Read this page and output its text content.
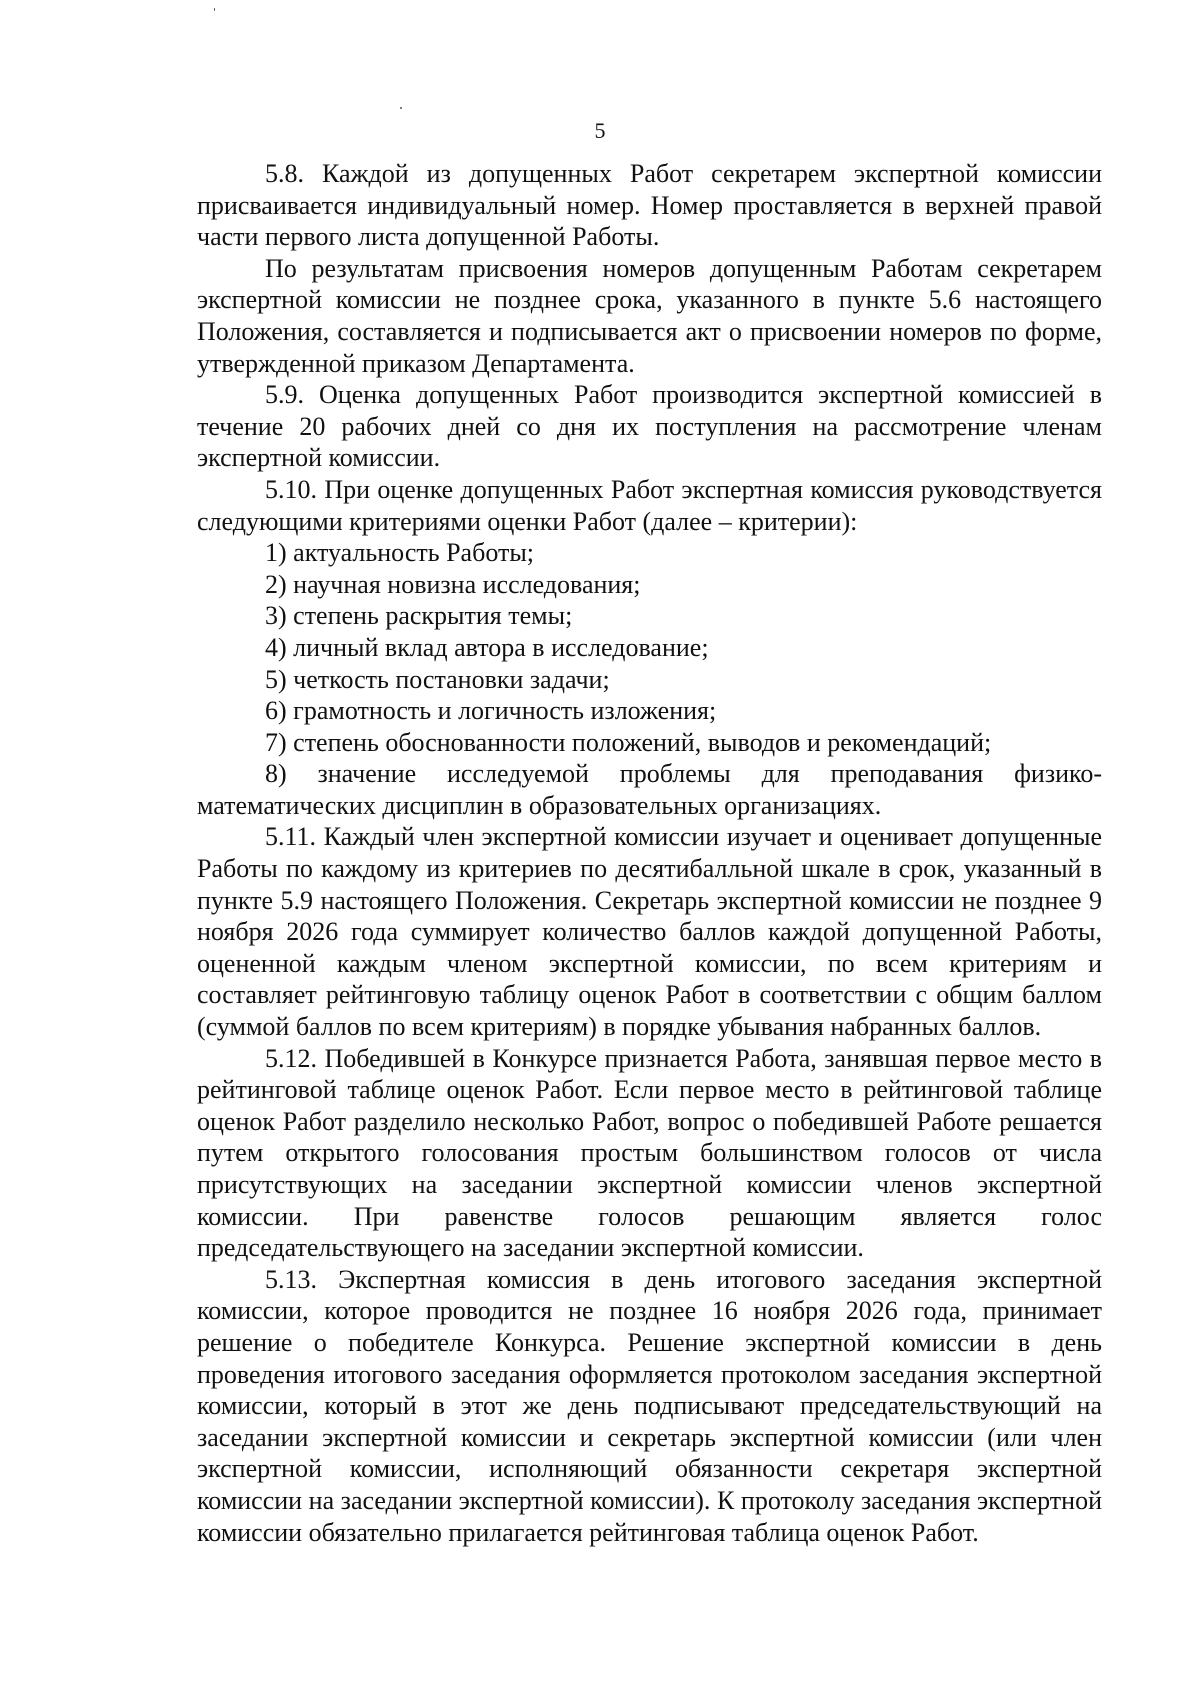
5

5.8. Каждой из допущенных Работ секретарем экспертной комиссии присваивается индивидуальный номер. Номер проставляется в верхней правой части первого листа допущенной Работы.

По результатам присвоения номеров допущенным Работам секретарем экспертной комиссии не позднее срока, указанного в пункте 5.6 настоящего Положения, составляется и подписывается акт о присвоении номеров по форме, утвержденной приказом Департамента.

5.9. Оценка допущенных Работ производится экспертной комиссией в течение 20 рабочих дней со дня их поступления на рассмотрение членам экспертной комиссии.

5.10. При оценке допущенных Работ экспертная комиссия руководствуется следующими критериями оценки Работ (далее – критерии):

1) актуальность Работы;

2) научная новизна исследования;

3) степень раскрытия темы;

4) личный вклад автора в исследование;

5) четкость постановки задачи;

6) грамотность и логичность изложения;

7) степень обоснованности положений, выводов и рекомендаций;

8) значение исследуемой проблемы для преподавания физико-математических дисциплин в образовательных организациях.

5.11. Каждый член экспертной комиссии изучает и оценивает допущенные Работы по каждому из критериев по десятибалльной шкале в срок, указанный в пункте 5.9 настоящего Положения. Секретарь экспертной комиссии не позднее 9 ноября 2026 года суммирует количество баллов каждой допущенной Работы, оцененной каждым членом экспертной комиссии, по всем критериям и составляет рейтинговую таблицу оценок Работ в соответствии с общим баллом (суммой баллов по всем критериям) в порядке убывания набранных баллов.

5.12. Победившей в Конкурсе признается Работа, занявшая первое место в рейтинговой таблице оценок Работ. Если первое место в рейтинговой таблице оценок Работ разделило несколько Работ, вопрос о победившей Работе решается путем открытого голосования простым большинством голосов от числа присутствующих на заседании экспертной комиссии членов экспертной комиссии. При равенстве голосов решающим является голос председательствующего на заседании экспертной комиссии.

5.13. Экспертная комиссия в день итогового заседания экспертной комиссии, которое проводится не позднее 16 ноября 2026 года, принимает решение о победителе Конкурса. Решение экспертной комиссии в день проведения итогового заседания оформляется протоколом заседания экспертной комиссии, который в этот же день подписывают председательствующий на заседании экспертной комиссии и секретарь экспертной комиссии (или член экспертной комиссии, исполняющий обязанности секретаря экспертной комиссии на заседании экспертной комиссии). К протоколу заседания экспертной комиссии обязательно прилагается рейтинговая таблица оценок Работ.
